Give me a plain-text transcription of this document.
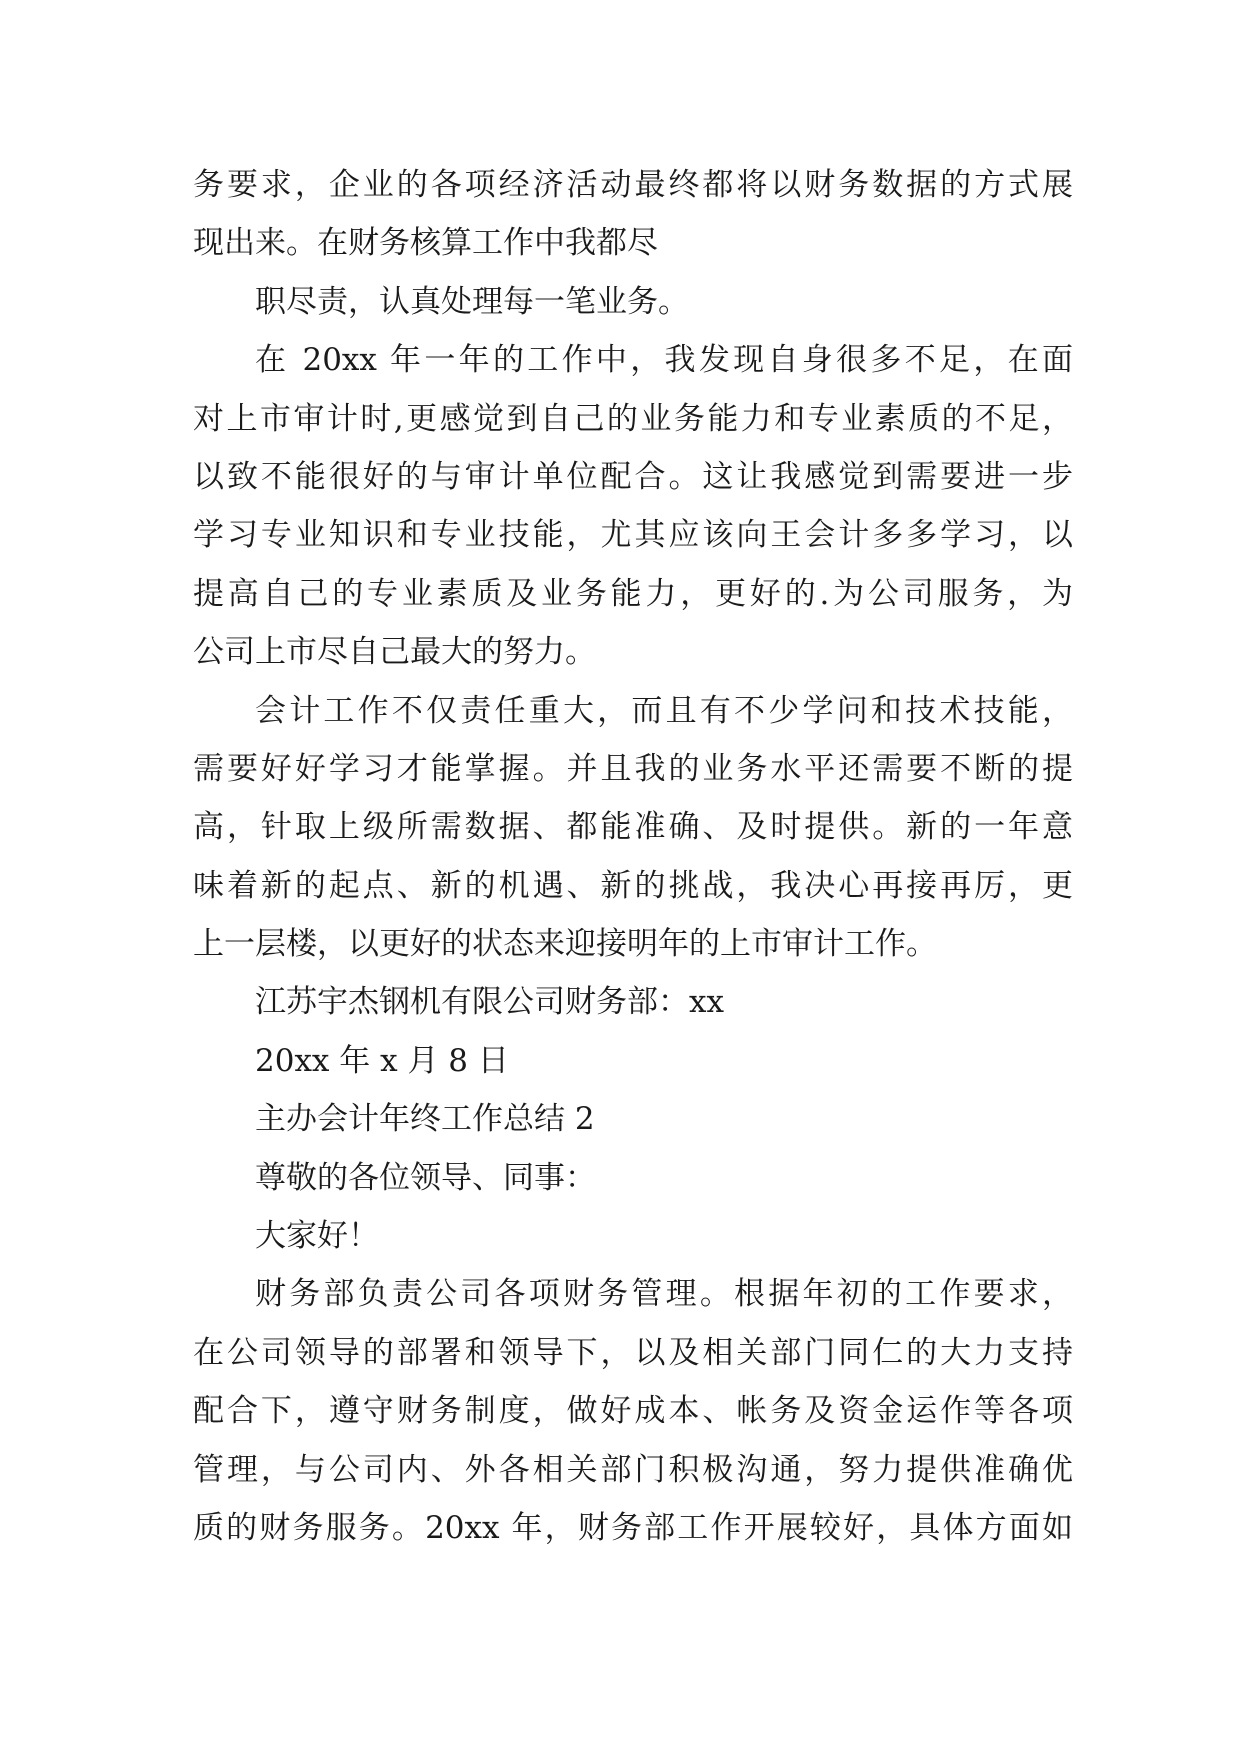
务要求，企业的各项经济活动最终都将以财务数据的方式展
现出来。在财务核算工作中我都尽
职尽责，认真处理每一笔业务。
在 20xx 年一年的工作中，我发现自身很多不足，在面
对上市审计时,更感觉到自己的业务能力和专业素质的不足，
以致不能很好的与审计单位配合。这让我感觉到需要进一步
学习专业知识和专业技能，尤其应该向王会计多多学习，以
提高自己的专业素质及业务能力，更好的.为公司服务，为
公司上市尽自己最大的努力。
会计工作不仅责任重大，而且有不少学问和技术技能，
需要好好学习才能掌握。并且我的业务水平还需要不断的提
高，针取上级所需数据、都能准确、及时提供。新的一年意
味着新的起点、新的机遇、新的挑战，我决心再接再厉，更
上一层楼，以更好的状态来迎接明年的上市审计工作。
江苏宇杰钢机有限公司财务部：xx
20xx 年 x 月 8 日
主办会计年终工作总结 2
尊敬的各位领导、同事：
大家好！
财务部负责公司各项财务管理。根据年初的工作要求，
在公司领导的部署和领导下，以及相关部门同仁的大力支持
配合下，遵守财务制度，做好成本、帐务及资金运作等各项
管理，与公司内、外各相关部门积极沟通，努力提供准确优
质的财务服务。20xx 年，财务部工作开展较好，具体方面如
